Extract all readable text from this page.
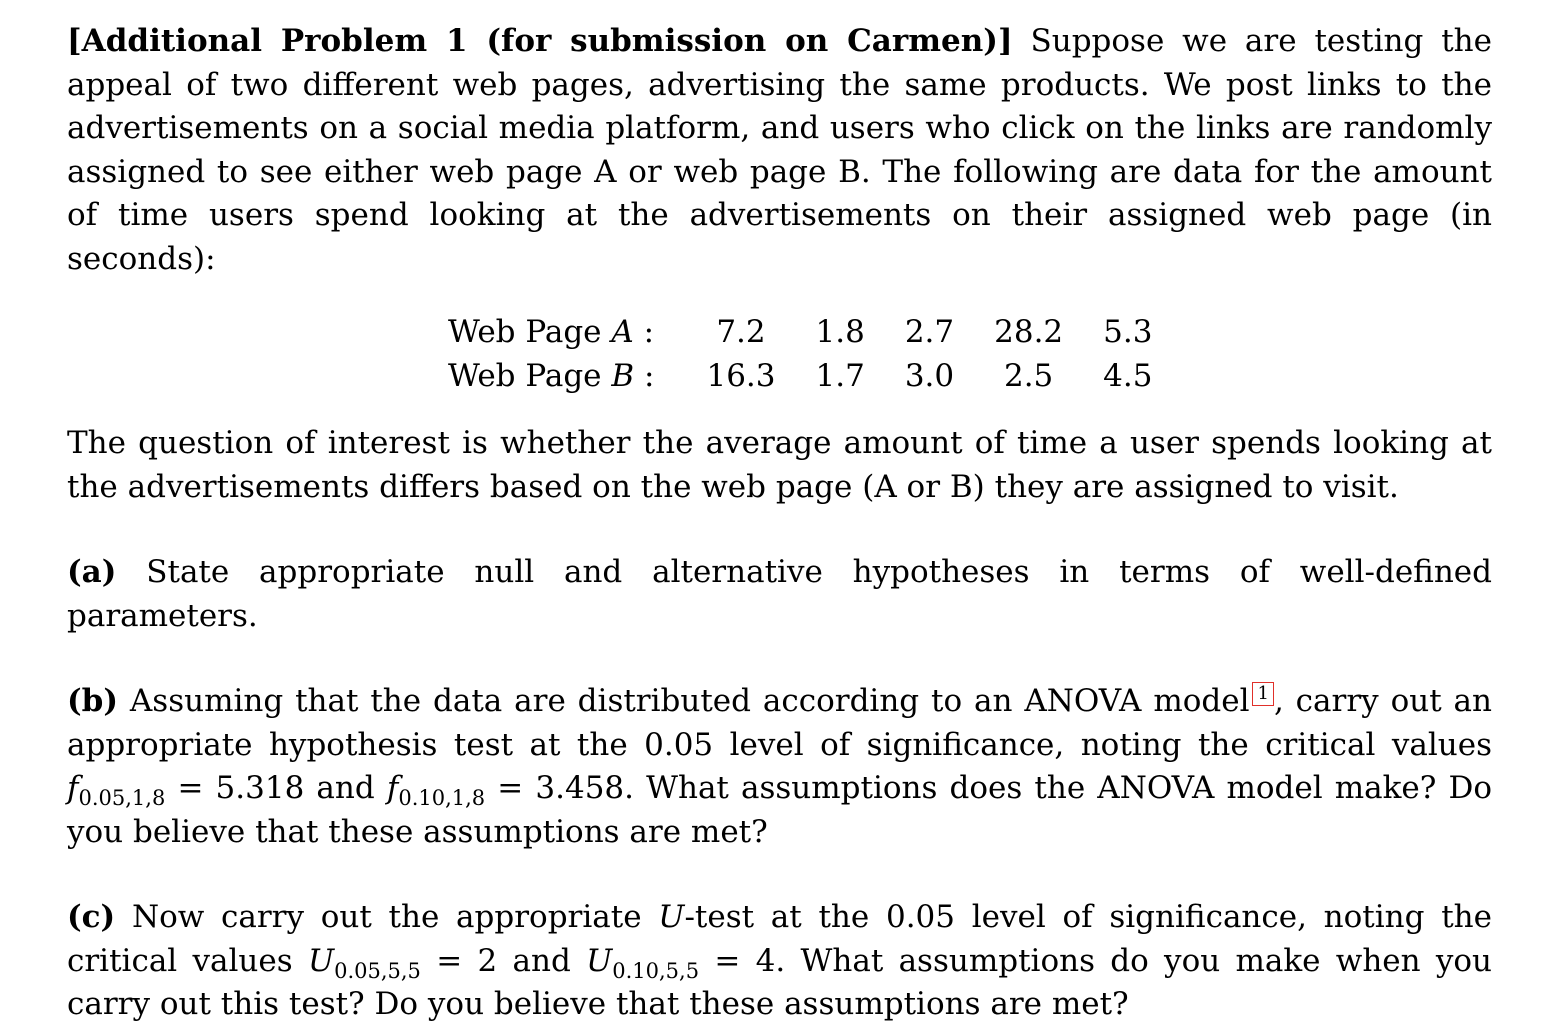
[Additional Problem 1 (for submission on Carmen)] Suppose we are testing the appeal of two different web pages, advertising the same products. We post links to the advertisements on a social media platform, and users who click on the links are randomly assigned to see either web page A or web page B. The following are data for the amount of time users spend looking at the advertisements on their assigned web page (in seconds):

Web Page A :	7.2	1.8	2.7	28.2	5.3
Web Page B :	16.3	1.7	3.0	2.5	4.5

The question of interest is whether the average amount of time a user spends looking at the advertisements differs based on the web page (A or B) they are assigned to visit.

(a) State appropriate null and alternative hypotheses in terms of well-defined parameters.

(b) Assuming that the data are distributed according to an ANOVA model 1 , carry out an appropriate hypothesis test at the 0.05 level of significance, noting the critical values $f_{0.05,1,8} = 5.318$ and $f_{0.10,1,8} = 3.458$. What assumptions does the ANOVA model make? Do you believe that these assumptions are met?

(c) Now carry out the appropriate U-test at the 0.05 level of significance, noting the critical values $U_{0.05,5,5} = 2$ and $U_{0.10,5,5} = 4$. What assumptions do you make when you carry out this test? Do you believe that these assumptions are met?
